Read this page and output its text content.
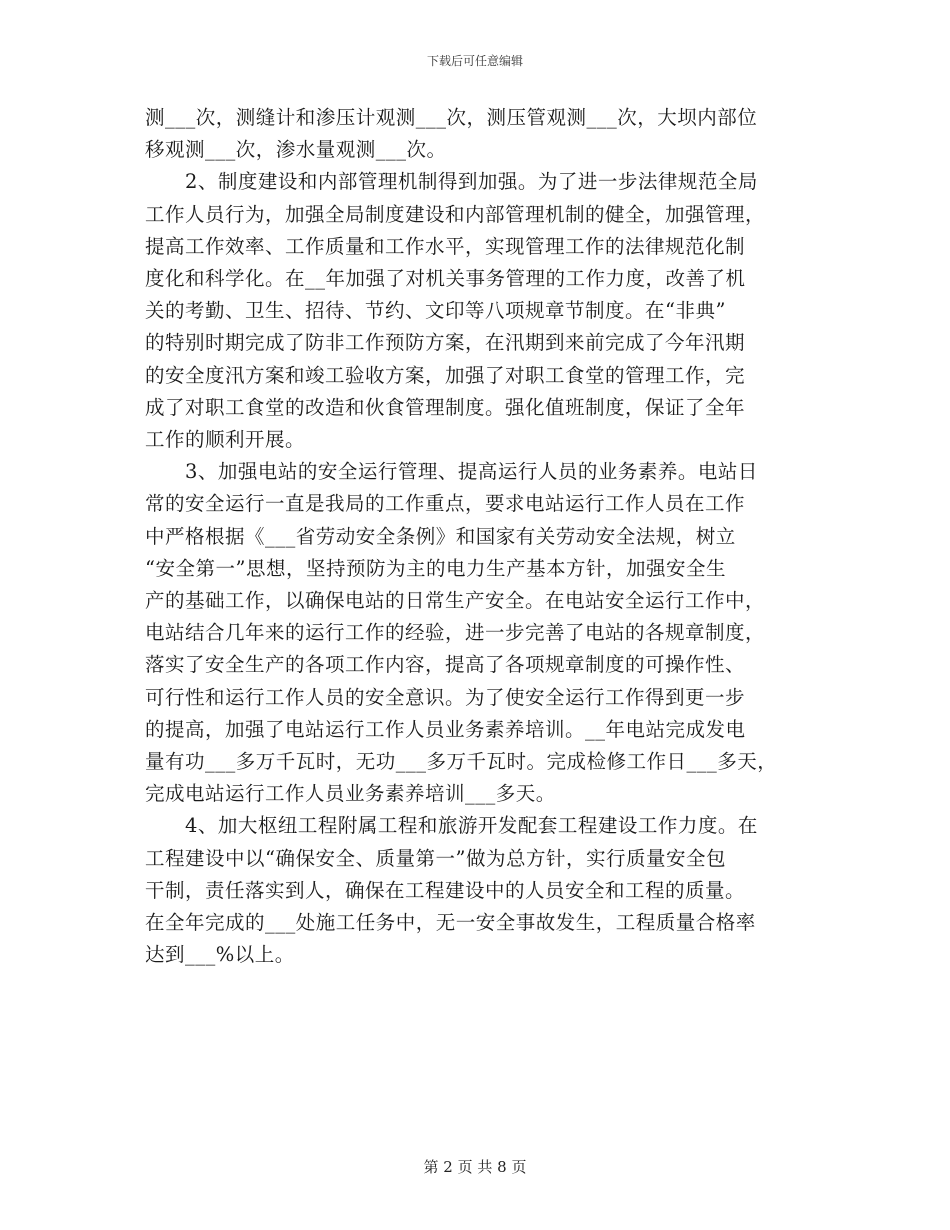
下载后可任意编辑

测___次，测缝计和渗压计观测___次，测压管观测___次，大坝内部位
移观测___次，渗水量观测___次。

2、制度建设和内部管理机制得到加强。为了进一步法律规范全局
工作人员行为，加强全局制度建设和内部管理机制的健全，加强管理，
提高工作效率、工作质量和工作水平，实现管理工作的法律规范化制
度化和科学化。在__年加强了对机关事务管理的工作力度，改善了机
关的考勤、卫生、招待、节约、文印等八项规章节制度。在“非典”
的特别时期完成了防非工作预防方案，在汛期到来前完成了今年汛期
的安全度汛方案和竣工验收方案，加强了对职工食堂的管理工作，完
成了对职工食堂的改造和伙食管理制度。强化值班制度，保证了全年
工作的顺利开展。

3、加强电站的安全运行管理、提高运行人员的业务素养。电站日
常的安全运行一直是我局的工作重点，要求电站运行工作人员在工作
中严格根据《___省劳动安全条例》和国家有关劳动安全法规，树立
“安全第一”思想，坚持预防为主的电力生产基本方针，加强安全生
产的基础工作，以确保电站的日常生产安全。在电站安全运行工作中，
电站结合几年来的运行工作的经验，进一步完善了电站的各规章制度，
落实了安全生产的各项工作内容，提高了各项规章制度的可操作性、
可行性和运行工作人员的安全意识。为了使安全运行工作得到更一步
的提高，加强了电站运行工作人员业务素养培训。__年电站完成发电
量有功___多万千瓦时，无功___多万千瓦时。完成检修工作日___多天，
完成电站运行工作人员业务素养培训___多天。

4、加大枢纽工程附属工程和旅游开发配套工程建设工作力度。在
工程建设中以“确保安全、质量第一”做为总方针，实行质量安全包
干制，责任落实到人，确保在工程建设中的人员安全和工程的质量。
在全年完成的___处施工任务中，无一安全事故发生，工程质量合格率
达到___%以上。

第 2 页 共 8 页
